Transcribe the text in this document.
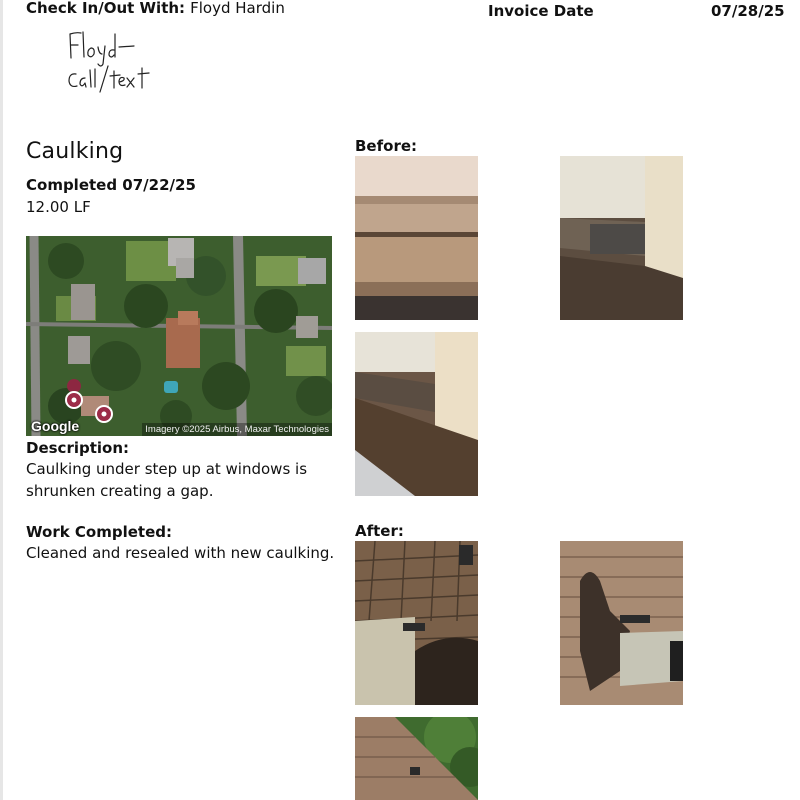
Check In/Out With: Floyd Hardin	Invoice Date	07/28/25
Caulking
Completed 07/22/25
12.00 LF
Google	Imagery ©2025 Airbus, Maxar Technologies
Description:
Caulking under step up at windows is shrunken creating a gap.
Work Completed:
Cleaned and resealed with new caulking.
Before:
After:
